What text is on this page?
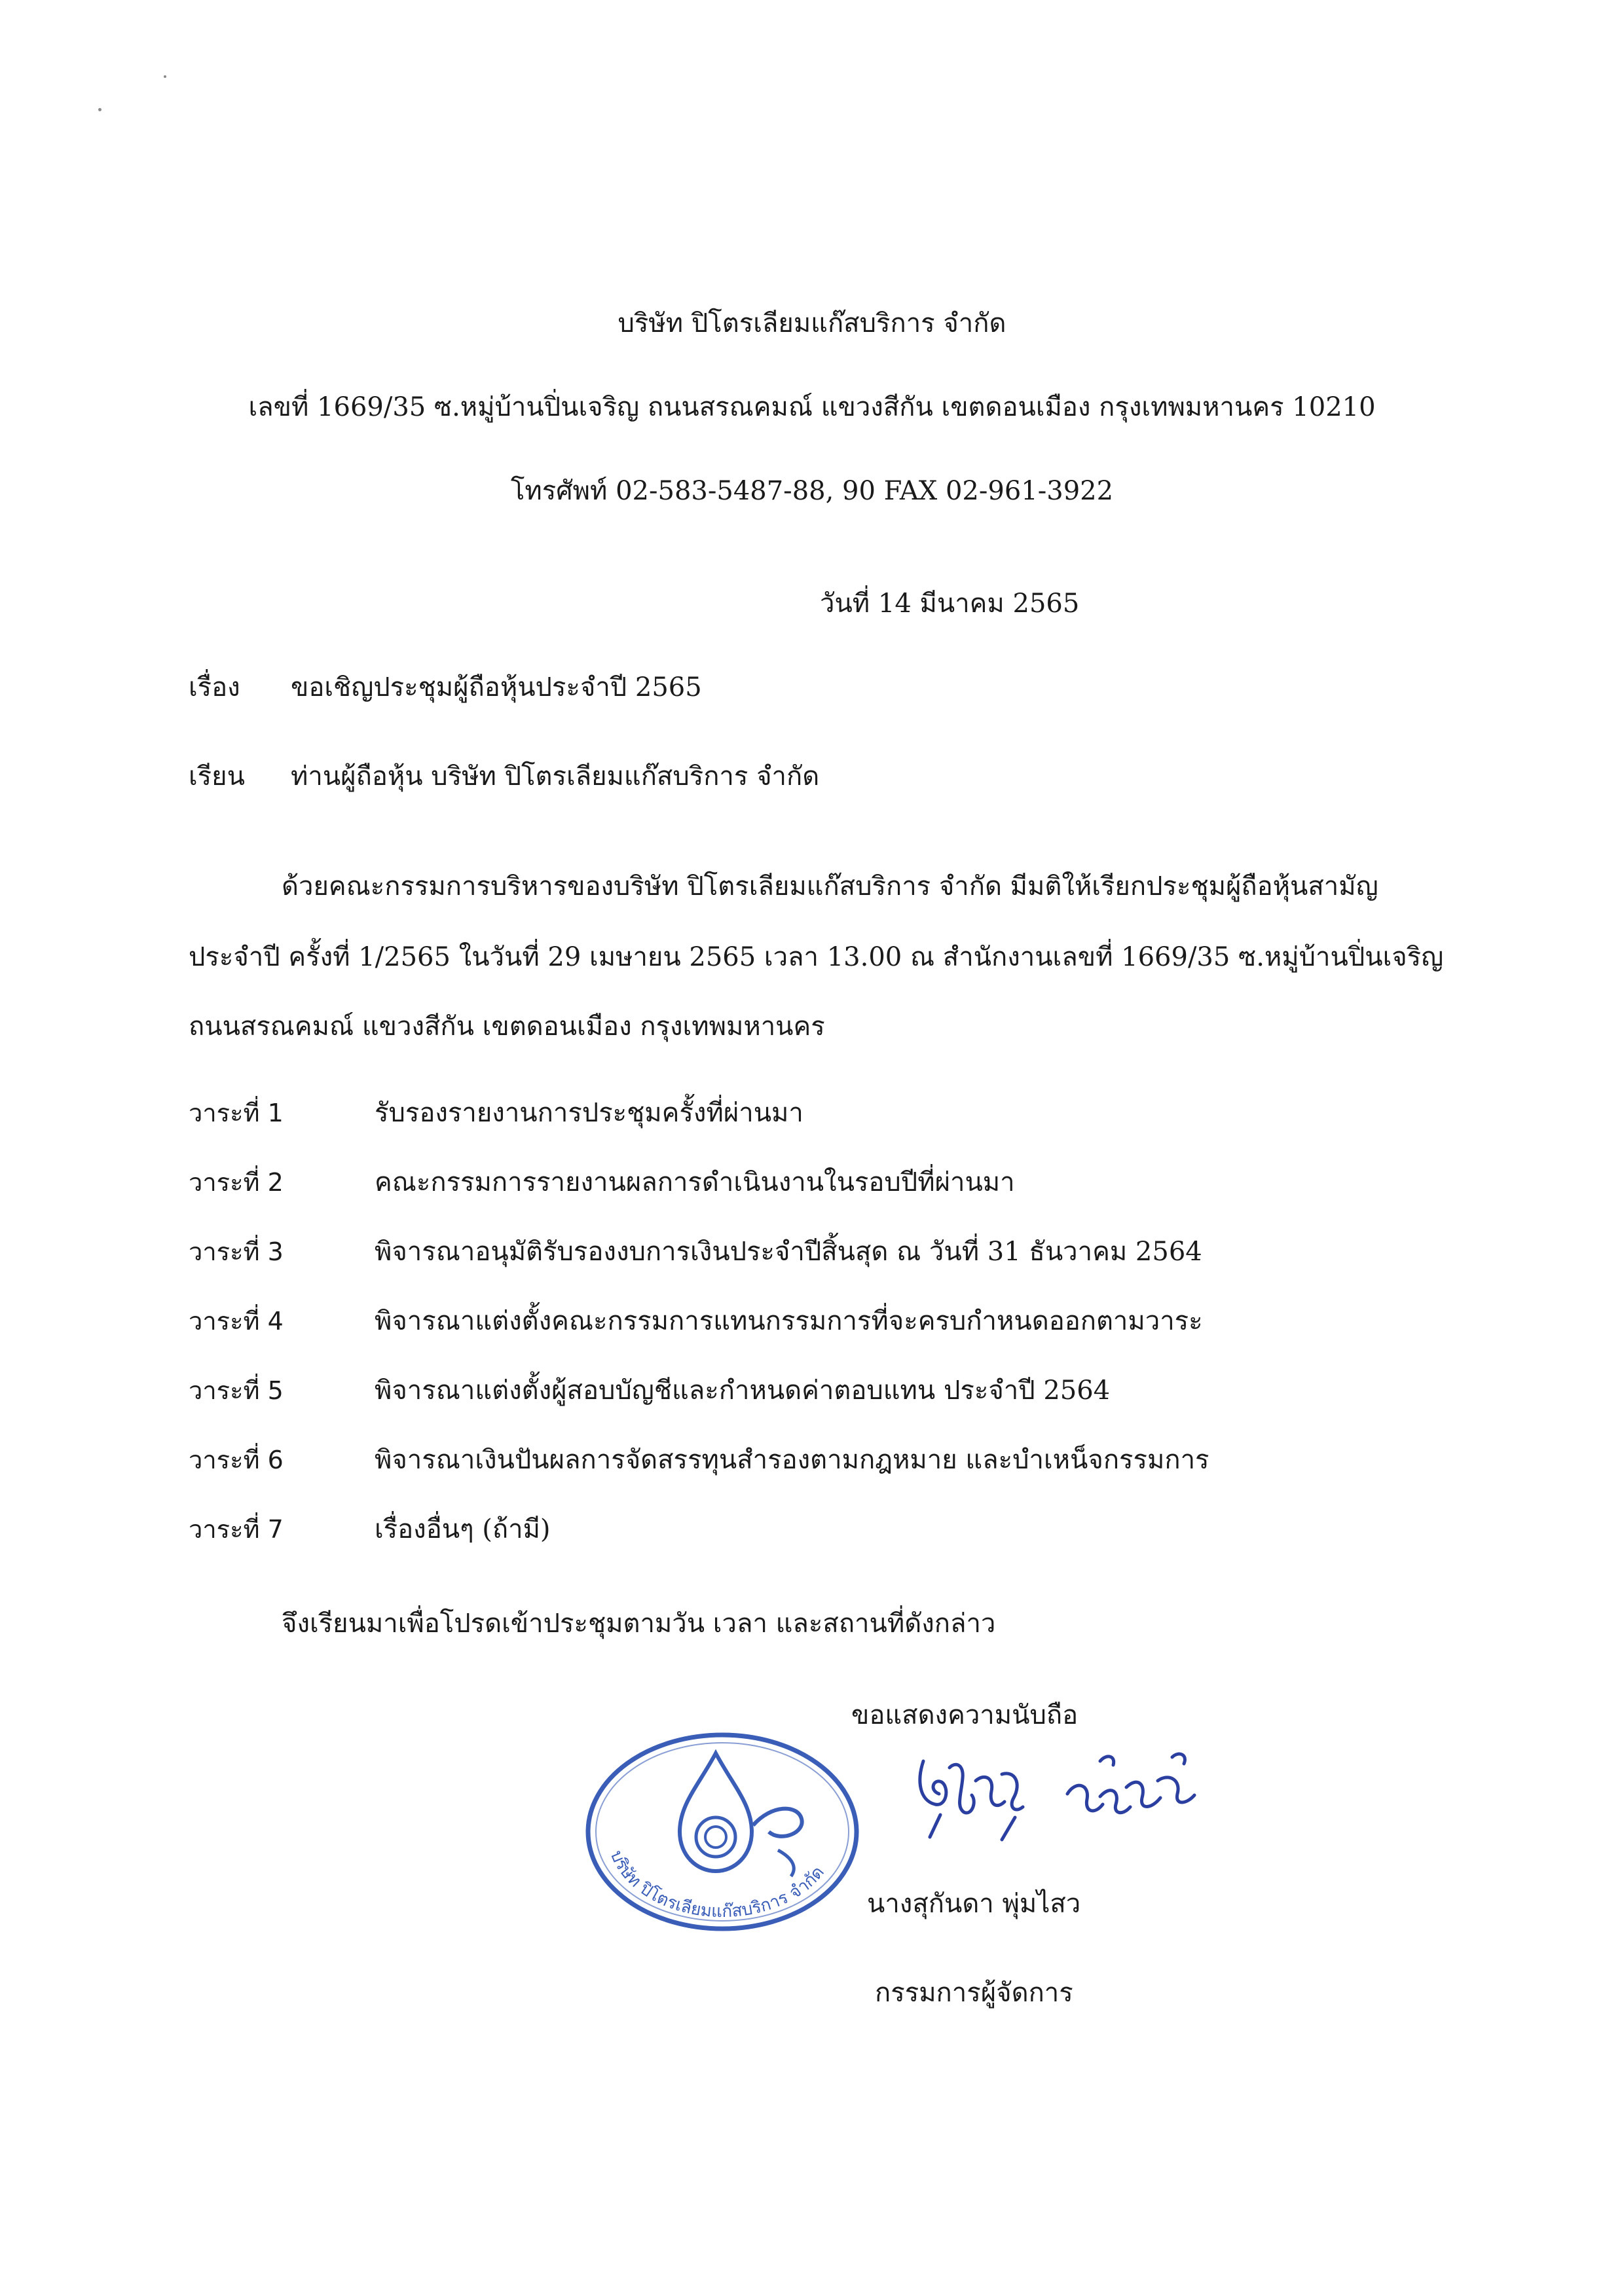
บริษัท ปิโตรเลียมแก๊สบริการ จำกัด
เลขที่ 1669/35 ซ.หมู่บ้านปิ่นเจริญ ถนนสรณคมณ์ แขวงสีกัน เขตดอนเมือง กรุงเทพมหานคร 10210
โทรศัพท์ 02-583-5487-88, 90 FAX 02-961-3922
วันที่ 14 มีนาคม 2565
เรื่อง ขอเชิญประชุมผู้ถือหุ้นประจำปี 2565
เรียน ท่านผู้ถือหุ้น บริษัท ปิโตรเลียมแก๊สบริการ จำกัด
ด้วยคณะกรรมการบริหารของบริษัท ปิโตรเลียมแก๊สบริการ จำกัด มีมติให้เรียกประชุมผู้ถือหุ้นสามัญ
ประจำปี ครั้งที่ 1/2565 ในวันที่ 29 เมษายน 2565 เวลา 13.00 ณ สำนักงานเลขที่ 1669/35 ซ.หมู่บ้านปิ่นเจริญ
ถนนสรณคมณ์ แขวงสีกัน เขตดอนเมือง กรุงเทพมหานคร
วาระที่ 1	รับรองรายงานการประชุมครั้งที่ผ่านมา
วาระที่ 2	คณะกรรมการรายงานผลการดำเนินงานในรอบปีที่ผ่านมา
วาระที่ 3	พิจารณาอนุมัติรับรองงบการเงินประจำปีสิ้นสุด ณ วันที่ 31 ธันวาคม 2564
วาระที่ 4	พิจารณาแต่งตั้งคณะกรรมการแทนกรรมการที่จะครบกำหนดออกตามวาระ
วาระที่ 5	พิจารณาแต่งตั้งผู้สอบบัญชีและกำหนดค่าตอบแทน ประจำปี 2564
วาระที่ 6	พิจารณาเงินปันผลการจัดสรรทุนสำรองตามกฎหมาย และบำเหน็จกรรมการ
วาระที่ 7	เรื่องอื่นๆ (ถ้ามี)
จึงเรียนมาเพื่อโปรดเข้าประชุมตามวัน เวลา และสถานที่ดังกล่าว
ขอแสดงความนับถือ
บริษัท ปิโตรเลียมแก๊สบริการ จำกัด
นางสุกันดา พุ่มไสว
กรรมการผู้จัดการ
